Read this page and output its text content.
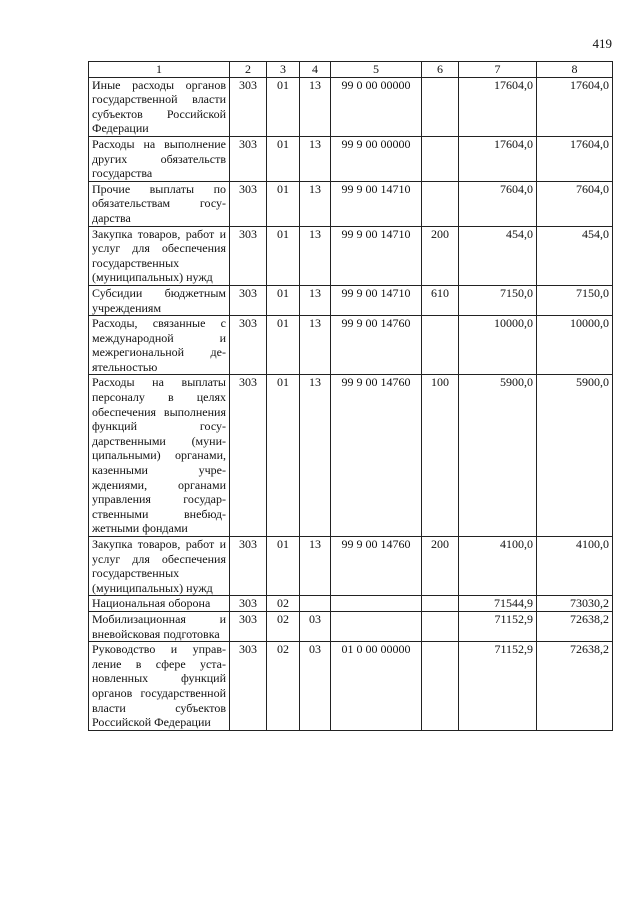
419
1	2	3	4	5	6	7	8
Иные расходы органов государственной власти субъектов Российской Федерации	303	01	13	99 0 00 00000		17604,0	17604,0
Расходы на выполнение других обязательств государства	303	01	13	99 9 00 00000		17604,0	17604,0
Прочие выплаты по обязательствам государства	303	01	13	99 9 00 14710		7604,0	7604,0
Закупка товаров, работ и услуг для обеспечения государственных (муниципальных) нужд	303	01	13	99 9 00 14710	200	454,0	454,0
Субсидии бюджетным учреждениям	303	01	13	99 9 00 14710	610	7150,0	7150,0
Расходы, связанные с международной и межрегиональной деятельностью	303	01	13	99 9 00 14760		10000,0	10000,0
Расходы на выплаты персоналу в целях обеспечения выполнения функций государственными (муниципальными) органами, казенными учреждениями, органами управления государственными внебюджетными фондами	303	01	13	99 9 00 14760	100	5900,0	5900,0
Закупка товаров, работ и услуг для обеспечения государственных (муниципальных) нужд	303	01	13	99 9 00 14760	200	4100,0	4100,0
Национальная оборона	303	02				71544,9	73030,2
Мобилизационная и вневойсковая подготовка	303	02	03			71152,9	72638,2
Руководство и управление в сфере установленных функций органов государственной власти субъектов Российской Федерации	303	02	03	01 0 00 00000		71152,9	72638,2
